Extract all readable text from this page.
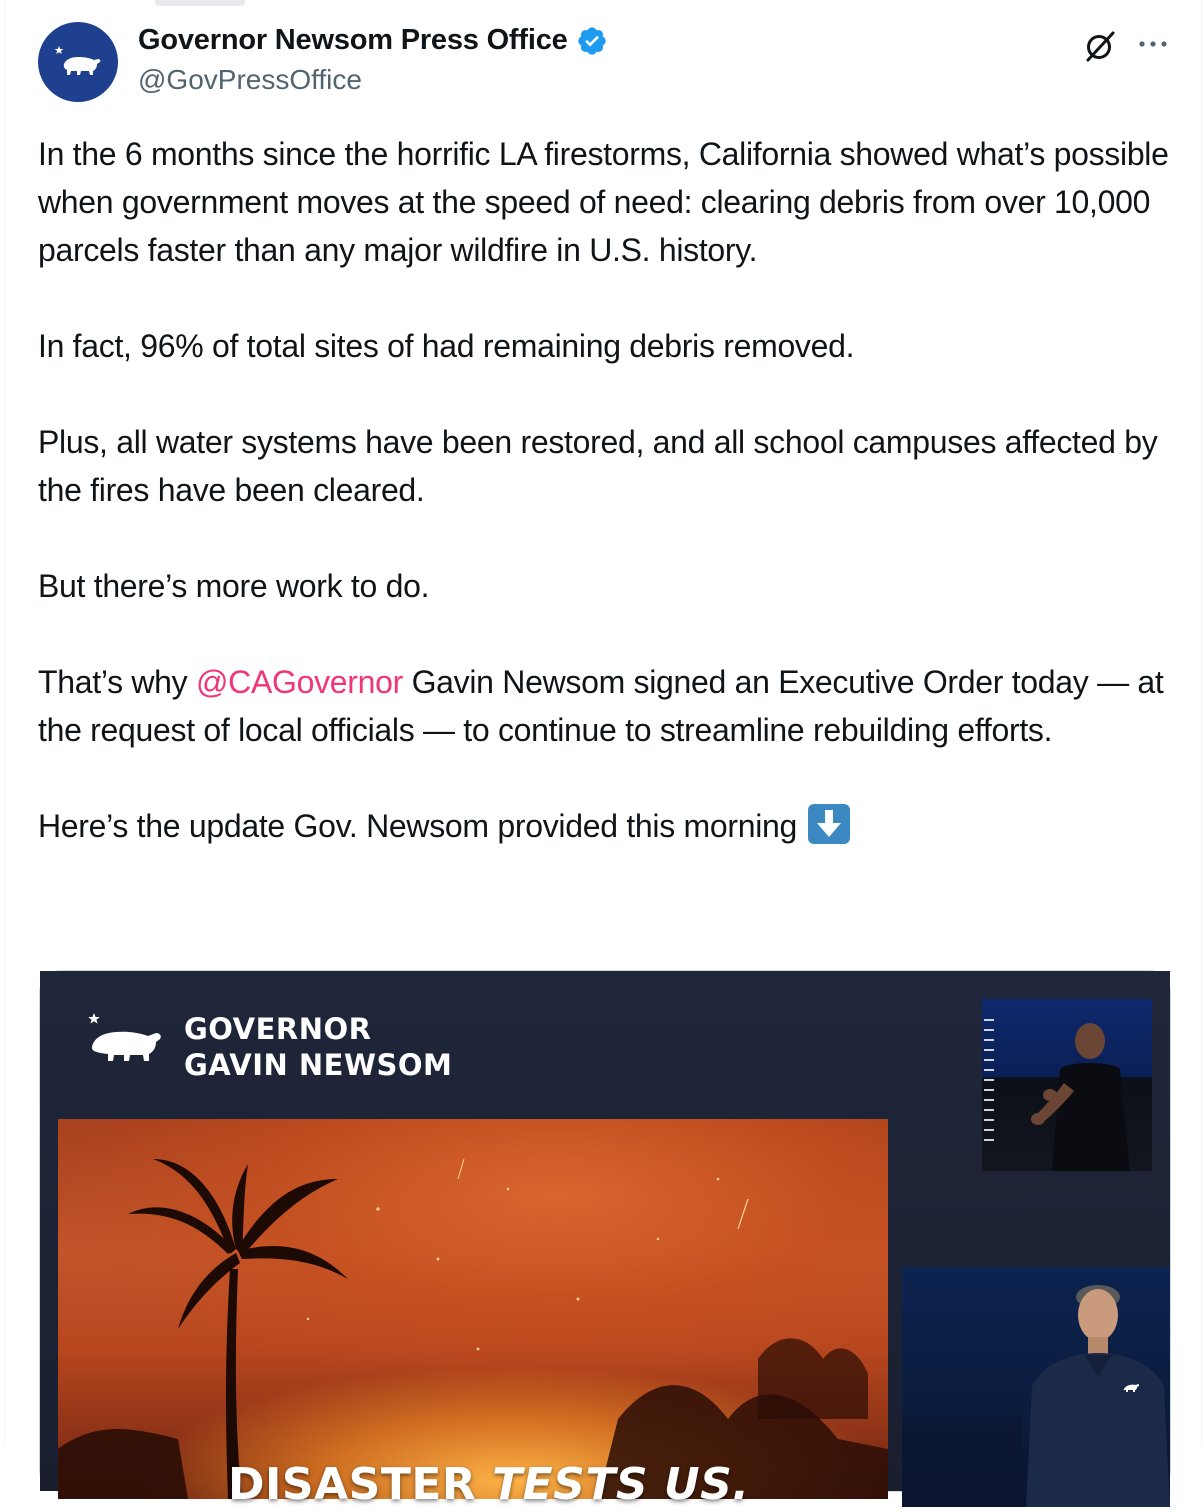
Governor Newsom Press Office
@GovPressOffice

In the 6 months since the horrific LA firestorms, California showed what’s possible when government moves at the speed of need: clearing debris from over 10,000 parcels faster than any major wildfire in U.S. history.

In fact, 96% of total sites of had remaining debris removed.

Plus, all water systems have been restored, and all school campuses affected by the fires have been cleared.

But there’s more work to do.

That’s why @CAGovernor Gavin Newsom signed an Executive Order today — at the request of local officials — to continue to streamline rebuilding efforts.

Here’s the update Gov. Newsom provided this morning

GOVERNOR
GAVIN NEWSOM
DISASTER TESTS US.
